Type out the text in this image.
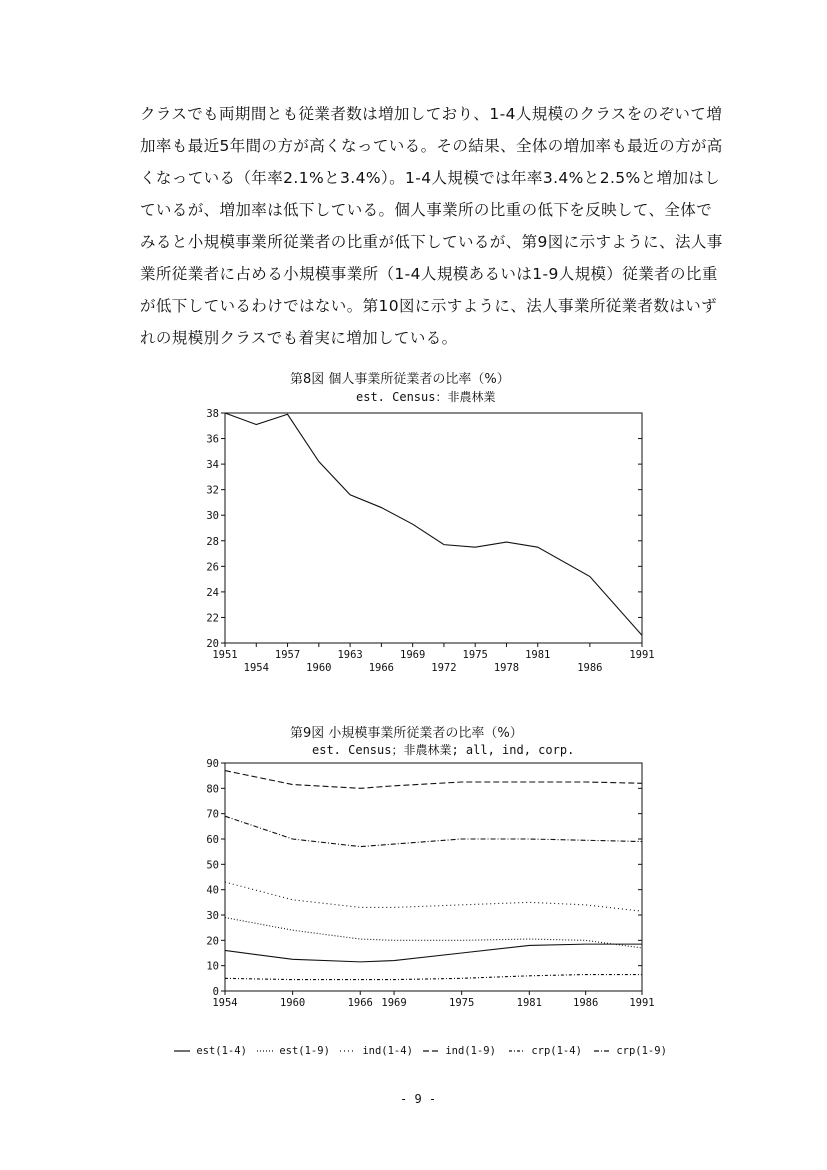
クラスでも両期間とも従業者数は増加しており、1-4人規模のクラスをのぞいて増
加率も最近5年間の方が高くなっている。その結果、全体の増加率も最近の方が高
くなっている（年率2.1%と3.4%）。1-4人規模では年率3.4%と2.5%と増加はし
ているが、増加率は低下している。個人事業所の比重の低下を反映して、全体で
みると小規模事業所従業者の比重が低下しているが、第9図に示すように、法人事
業所従業者に占める小規模事業所（1-4人規模あるいは1-9人規模）従業者の比重
が低下しているわけではない。第10図に示すように、法人事業所従業者数はいず
れの規模別クラスでも着実に増加している。
第8図 個人事業所従業者の比率（%）
est. Census：非農林業
20
22
24
26
28
30
32
34
36
38
1951
1954
1957
1960
1963
1966
1969
1972
1975
1978
1981
1986
1991
第9図 小規模事業所従業者の比率（%）
est. Census；非農林業; all, ind, corp.
0
10
20
30
40
50
60
70
80
90
1954	1960	1966 1969	1975	1981	1986	1991
est(1-4)	est(1-9)	ind(1-4)	ind(1-9)	crp(1-4)	crp(1-9)
- 9 -
